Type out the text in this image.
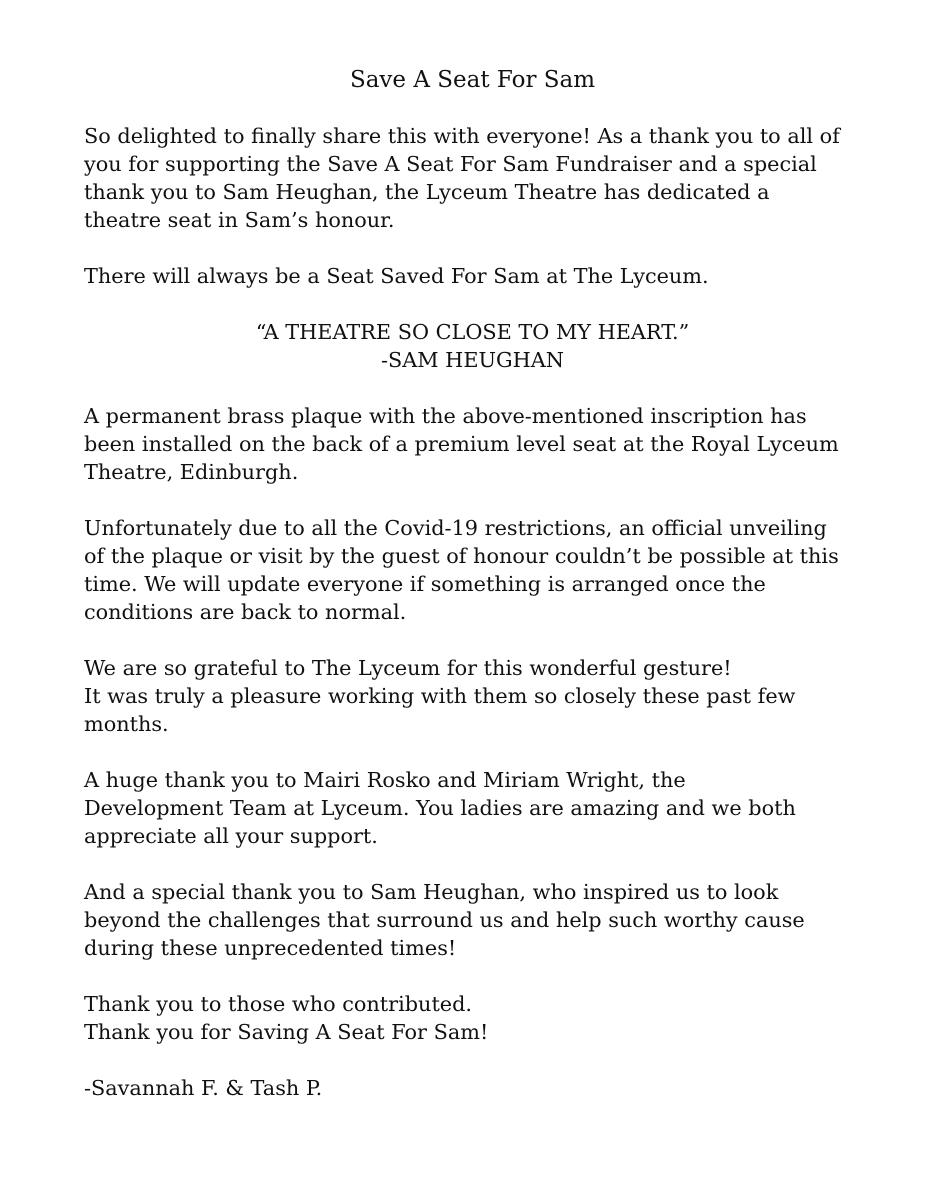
Save A Seat For Sam

So delighted to finally share this with everyone! As a thank you to all of

you for supporting the Save A Seat For Sam Fundraiser and a special

thank you to Sam Heughan, the Lyceum Theatre has dedicated a

theatre seat in Sam’s honour.

There will always be a Seat Saved For Sam at The Lyceum.

“A THEATRE SO CLOSE TO MY HEART.”

-SAM HEUGHAN

A permanent brass plaque with the above-mentioned inscription has

been installed on the back of a premium level seat at the Royal Lyceum

Theatre, Edinburgh.

Unfortunately due to all the Covid-19 restrictions, an official unveiling

of the plaque or visit by the guest of honour couldn’t be possible at this

time. We will update everyone if something is arranged once the

conditions are back to normal.

We are so grateful to The Lyceum for this wonderful gesture!

It was truly a pleasure working with them so closely these past few

months.

A huge thank you to Mairi Rosko and Miriam Wright, the

Development Team at Lyceum. You ladies are amazing and we both

appreciate all your support.

And a special thank you to Sam Heughan, who inspired us to look

beyond the challenges that surround us and help such worthy cause

during these unprecedented times!

Thank you to those who contributed.

Thank you for Saving A Seat For Sam!

-Savannah F. & Tash P.
